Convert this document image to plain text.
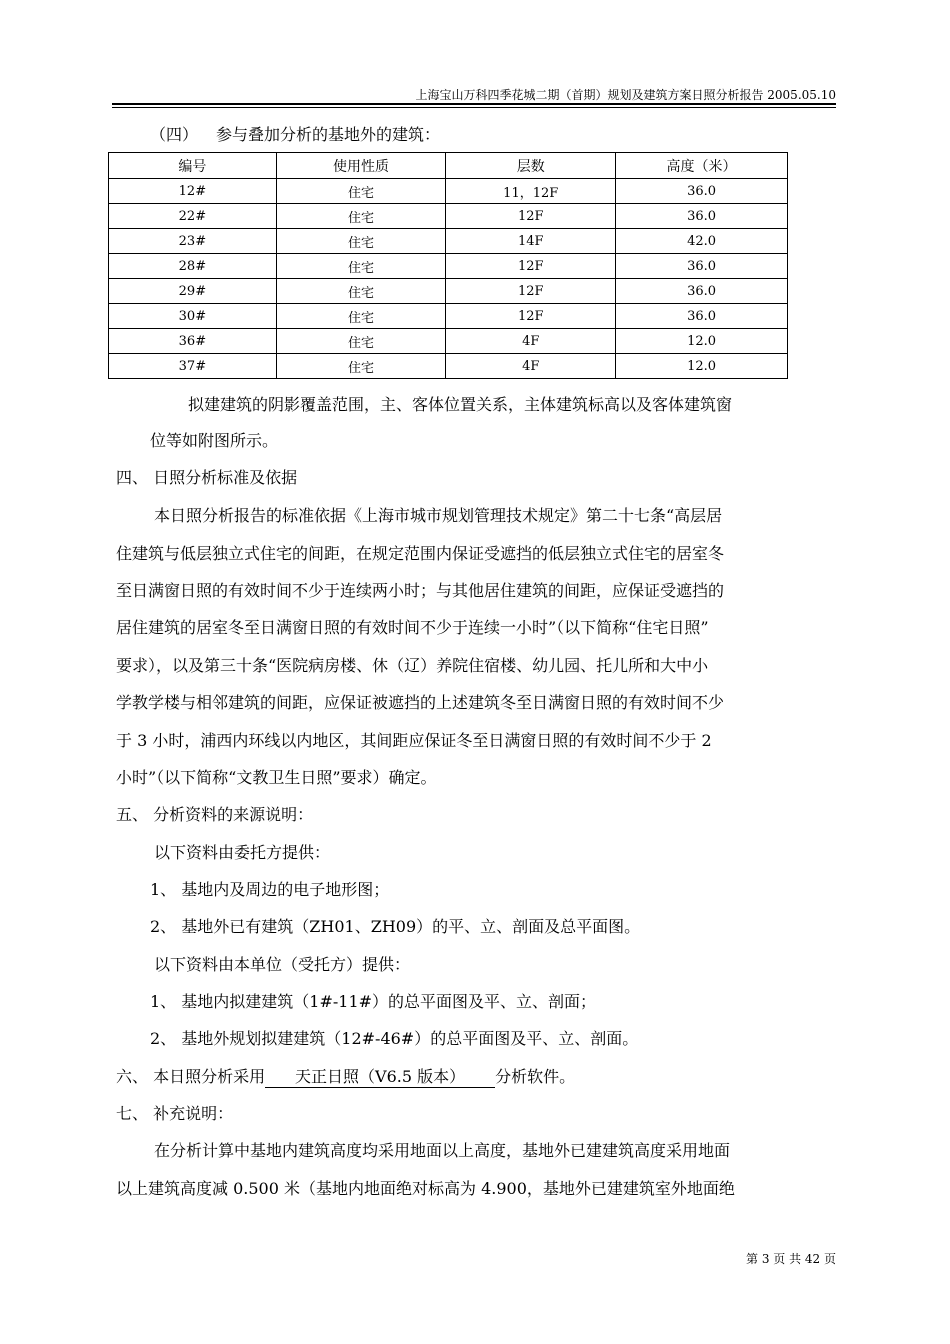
上海宝山万科四季花城二期（首期）规划及建筑方案日照分析报告 2005.05.10
（四） 参与叠加分析的基地外的建筑：
编号	使用性质	层数	高度（米）
12#	住宅	11，12F	36.0
22#	住宅	12F	36.0
23#	住宅	14F	42.0
28#	住宅	12F	36.0
29#	住宅	12F	36.0
30#	住宅	12F	36.0
36#	住宅	4F	12.0
37#	住宅	4F	12.0
拟建建筑的阴影覆盖范围，主、客体位置关系，主体建筑标高以及客体建筑窗
位等如附图所示。
四、 日照分析标准及依据
本日照分析报告的标准依据《上海市城市规划管理技术规定》第二十七条“高层居
住建筑与低层独立式住宅的间距，在规定范围内保证受遮挡的低层独立式住宅的居室冬
至日满窗日照的有效时间不少于连续两小时；与其他居住建筑的间距，应保证受遮挡的
居住建筑的居室冬至日满窗日照的有效时间不少于连续一小时”（以下简称“住宅日照”
要求），以及第三十条“医院病房楼、休（辽）养院住宿楼、幼儿园、托儿所和大中小
学教学楼与相邻建筑的间距，应保证被遮挡的上述建筑冬至日满窗日照的有效时间不少
于 3 小时，浦西内环线以内地区，其间距应保证冬至日满窗日照的有效时间不少于 2
小时”（以下简称“文教卫生日照”要求）确定。
五、 分析资料的来源说明：
以下资料由委托方提供：
1、 基地内及周边的电子地形图；
2、 基地外已有建筑（ZH01、ZH09）的平、立、剖面及总平面图。
以下资料由本单位（受托方）提供：
1、 基地内拟建建筑（1#-11#）的总平面图及平、立、剖面；
2、 基地外规划拟建建筑（12#-46#）的总平面图及平、立、剖面。
六、 本日照分析采用 天正日照（V6.5 版本） 分析软件。
七、 补充说明：
在分析计算中基地内建筑高度均采用地面以上高度，基地外已建建筑高度采用地面
以上建筑高度减 0.500 米（基地内地面绝对标高为 4.900，基地外已建建筑室外地面绝
第 3 页 共 42 页
